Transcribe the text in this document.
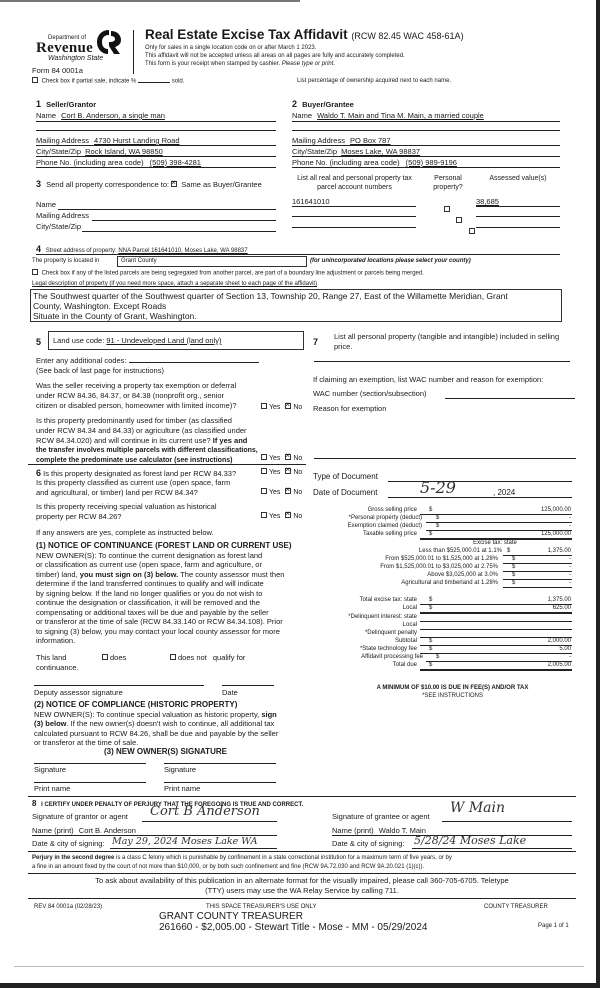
Department of
Revenue
Washington State
Form 84 0001a
Real Estate Excise Tax Affidavit (RCW 82.45 WAC 458-61A)
Only for sales in a single location code on or after March 1 2023.
This affidavit will not be accepted unless all areas on all pages are fully and accurately completed.
This form is your receipt when stamped by cashier. Please type or print.
Check box if partial sale, indicate %	sold.	List percentage of ownership acquired next to each name.
1 Seller/Grantor
Name Cort B. Anderson, a single man
Mailing Address 4730 Hurst Landing Road
City/State/Zip Rock Island, WA 98850
Phone No. (including area code) (509) 398-4281
3 Send all property correspondence to: × Same as Buyer/Grantee
Name
Mailing Address
City/State/Zip
2 Buyer/Grantee
Name Waldo T. Main and Tina M. Main, a married couple
Mailing Address PO Box 787
City/State/Zip Moses Lake, WA 98837
Phone No. (including area code) (509) 989-9196
List all real and personal property tax parcel account numbers
Personal property?
Assessed value(s)
161641010
	38,685

4 Street address of property: NNA Parcel 161641010, Moses Lake, WA 98837
The property is located in	Grant County	(for unincorporated locations please select your county)
Check box if any of the listed parcels are being segregated from another parcel, are part of a boundary line adjustment or parcels being merged.
Legal description of property (if you need more space, attach a separate sheet to each page of the affidavit)
The Southwest quarter of the Southwest quarter of Section 13, Township 20, Range 27, East of the Willamette Meridian, Grant
County, Washington. Except Roads
Situate in the County of Grant, Washington.
5	Land use code: 91 - Undeveloped Land (land only)
Enter any additional codes:
(See back of last page for instructions)
Was the seller receiving a property tax exemption or deferral
under RCW 84.36, 84.37, or 84.38 (nonprofit org., senior
citizen or disabled person, homeowner with limited income)?	Yes × No
Is this property predominantly used for timber (as classified
under RCW 84.34 and 84.33) or agriculture (as classified under
RCW 84.34.020) and will continue in its current use? If yes and
the transfer involves multiple parcels with different classifications,
complete the predominate use calculator (see instructions)	Yes × No
6 Is this property designated as forest land per RCW 84.33?	Yes × No
Is this property classified as current use (open space, farm
and agricultural, or timber) land per RCW 84.34?	Yes × No
Is this property receiving special valuation as historical
property per RCW 84.26?	Yes × No
If any answers are yes, complete as instructed below.
(1) NOTICE OF CONTINUANCE (FOREST LAND OR CURRENT USE)
NEW OWNER(S): To continue the current designation as forest land
or classification as current use (open space, farm and agriculture, or
timber) land, you must sign on (3) below. The county assessor must then
determine if the land transferred continues to qualify and will indicate
by signing below. If the land no longer qualifies or you do not wish to
continue the designation or classification, it will be removed and the
compensating or additional taxes will be due and payable by the seller
or transferor at the time of sale (RCW 84.33.140 or RCW 84.34.108). Prior
to signing (3) below, you may contact your local county assessor for more
information.
This land	does	does not qualify for
continuance.
Deputy assessor signature	Date
(2) NOTICE OF COMPLIANCE (HISTORIC PROPERTY)
NEW OWNER(S): To continue special valuation as historic property, sign
(3) below. If the new owner(s) doesn't wish to continue, all additional tax
calculated pursuant to RCW 84.26, shall be due and payable by the seller
or transferor at the time of sale.
(3) NEW OWNER(S) SIGNATURE
Signature	Signature
Print name	Print name
7
List all personal property (tangible and intangible) included in selling
price.
If claiming an exemption, list WAC number and reason for exemption:
WAC number (section/subsection)
Reason for exemption
Type of Document
Date of Document	5-29	, 2024
Gross selling price $	125,000.00
*Personal property (deduct) $	-
Exemption claimed (deduct) $	-
Taxable selling price $	125,000.00
Excise tax: state
Less than $525,000.01 at 1.1% $	1,375.00
From $525,000.01 to $1,525,000 at 1.28% $	-
From $1,525,000.01 to $3,025,000 at 2.75% $	-
Above $3,025,000 at 3.0% $	-
Agricultural and timberland at 1.28% $	-
Total excise tax: state $	1,375.00
Local $	625.00
*Delinquent interest: state
Local
*Delinquent penalty
Subtotal $	2,000.00
*State technology fee $	5.00
Affidavit processing fee $	-
Total due $	2,005.00
A MINIMUM OF $10.00 IS DUE IN FEE(S) AND/OR TAX
*SEE INSTRUCTIONS
8 I CERTIFY UNDER PENALTY OF PERJURY THAT THE FOREGOING IS TRUE AND CORRECT.
Signature of grantor or agent Cort B Anderson
Name (print) Cort B. Anderson
Date & city of signing: May 29, 2024 Moses Lake WA
Signature of grantee or agent
W Main
Name (print) Waldo T. Main
Date & city of signing: 5/28/24 Moses Lake
Perjury in the second degree is a class C felony which is punishable by confinement in a state correctional institution for a maximum term of five years, or by
a fine in an amount fixed by the court of not more than $10,000, or by both such confinement and fine (RCW 9A.72.030 and RCW 9A.20.021 (1)(c)).
To ask about availability of this publication in an alternate format for the visually impaired, please call 360-705-6705. Teletype
(TTY) users may use the WA Relay Service by calling 711.
REV 84 0001a (02/28/23)	THIS SPACE TREASURER'S USE ONLY	COUNTY TREASURER
GRANT COUNTY TREASURER
261660 - $2,005.00 - Stewart Title - Mose - MM - 05/29/2024	Page 1 of 1
